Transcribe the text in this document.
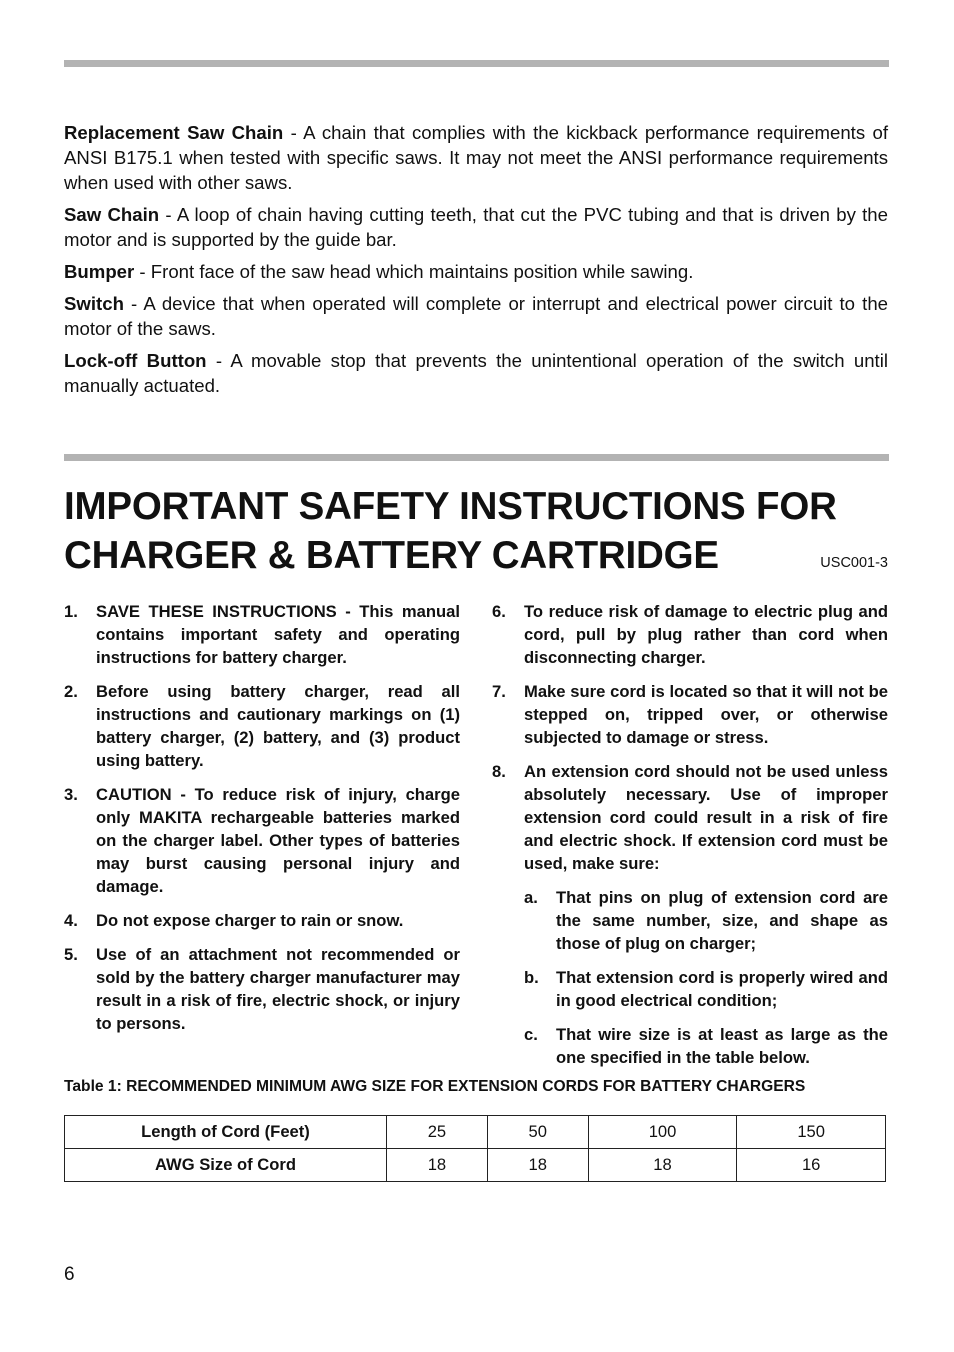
Replacement Saw Chain - A chain that complies with the kickback performance requirements of ANSI B175.1 when tested with specific saws. It may not meet the ANSI performance requirements when used with other saws.

Saw Chain - A loop of chain having cutting teeth, that cut the PVC tubing and that is driven by the motor and is supported by the guide bar.

Bumper - Front face of the saw head which maintains position while sawing.

Switch - A device that when operated will complete or interrupt and electrical power circuit to the motor of the saws.

Lock-off Button - A movable stop that prevents the unintentional operation of the switch until manually actuated.

IMPORTANT SAFETY INSTRUCTIONS FOR
CHARGER & BATTERY CARTRIDGE	USC001-3
1.	SAVE THESE INSTRUCTIONS - This manual contains important safety and operating instructions for battery charger.
2.	Before using battery charger, read all instructions and cautionary markings on (1) battery charger, (2) battery, and (3) product using battery.
3.	CAUTION - To reduce risk of injury, charge only MAKITA rechargeable batteries marked on the charger label. Other types of batteries may burst causing personal injury and damage.
4.	Do not expose charger to rain or snow.
5.	Use of an attachment not recommended or sold by the battery charger manufacturer may result in a risk of fire, electric shock, or injury to persons.
6.	To reduce risk of damage to electric plug and cord, pull by plug rather than cord when disconnecting charger.
7.	Make sure cord is located so that it will not be stepped on, tripped over, or otherwise subjected to damage or stress.
8.	An extension cord should not be used unless absolutely necessary. Use of improper extension cord could result in a risk of fire and electric shock. If extension cord must be used, make sure:
a.	That pins on plug of extension cord are the same number, size, and shape as those of plug on charger;
b.	That extension cord is properly wired and in good electrical condition;
c.	That wire size is at least as large as the one specified in the table below.
Table 1: RECOMMENDED MINIMUM AWG SIZE FOR EXTENSION CORDS FOR BATTERY CHARGERS
Length of Cord (Feet)	25	50	100	150
AWG Size of Cord	18	18	18	16
6
